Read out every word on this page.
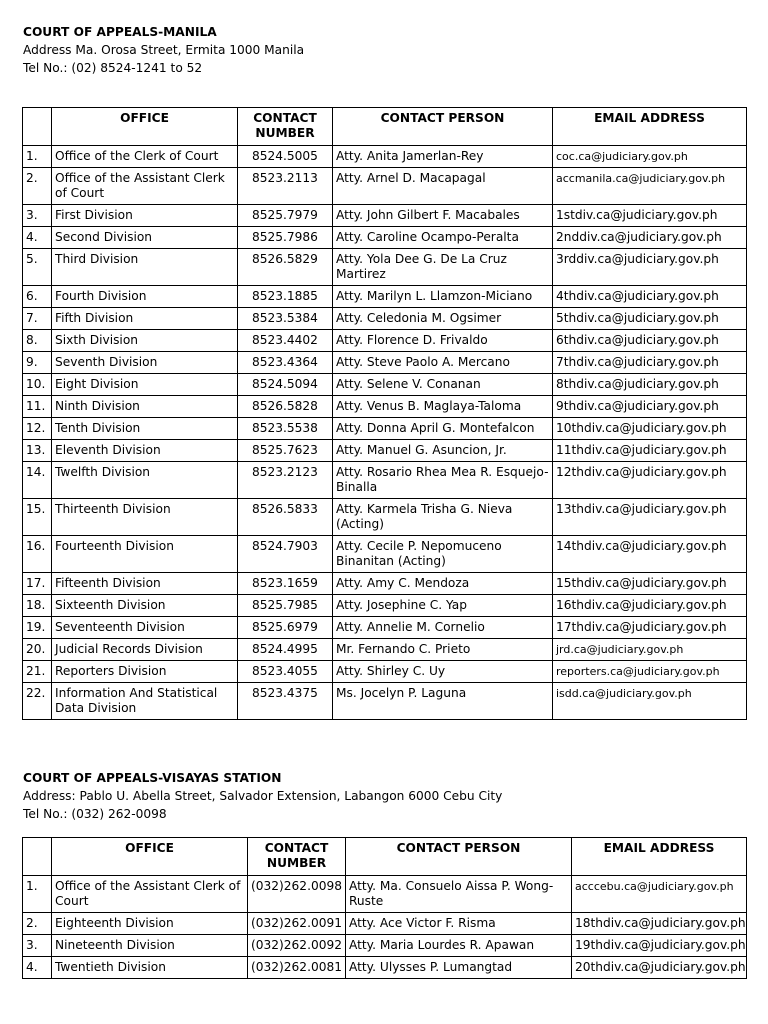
COURT OF APPEALS-MANILA
Address Ma. Orosa Street, Ermita 1000 Manila
Tel No.: (02) 8524-1241 to 52
	OFFICE	CONTACT NUMBER	CONTACT PERSON	EMAIL ADDRESS
1.	Office of the Clerk of Court	8524.5005	Atty. Anita Jamerlan-Rey	coc.ca@judiciary.gov.ph
2.	Office of the Assistant Clerk of Court	8523.2113	Atty. Arnel D. Macapagal	accmanila.ca@judiciary.gov.ph
3.	First Division	8525.7979	Atty. John Gilbert F. Macabales	1stdiv.ca@judiciary.gov.ph
4.	Second Division	8525.7986	Atty. Caroline Ocampo-Peralta	2nddiv.ca@judiciary.gov.ph
5.	Third Division	8526.5829	Atty. Yola Dee G. De La Cruz Martirez	3rddiv.ca@judiciary.gov.ph
6.	Fourth Division	8523.1885	Atty. Marilyn L. Llamzon-Miciano	4thdiv.ca@judiciary.gov.ph
7.	Fifth Division	8523.5384	Atty. Celedonia M. Ogsimer	5thdiv.ca@judiciary.gov.ph
8.	Sixth Division	8523.4402	Atty. Florence D. Frivaldo	6thdiv.ca@judiciary.gov.ph
9.	Seventh Division	8523.4364	Atty. Steve Paolo A. Mercano	7thdiv.ca@judiciary.gov.ph
10.	Eight Division	8524.5094	Atty. Selene V. Conanan	8thdiv.ca@judiciary.gov.ph
11.	Ninth Division	8526.5828	Atty. Venus B. Maglaya-Taloma	9thdiv.ca@judiciary.gov.ph
12.	Tenth Division	8523.5538	Atty. Donna April G. Montefalcon	10thdiv.ca@judiciary.gov.ph
13.	Eleventh Division	8525.7623	Atty. Manuel G. Asuncion, Jr.	11thdiv.ca@judiciary.gov.ph
14.	Twelfth Division	8523.2123	Atty. Rosario Rhea Mea R. Esquejo-Binalla	12thdiv.ca@judiciary.gov.ph
15.	Thirteenth Division	8526.5833	Atty. Karmela Trisha G. Nieva (Acting)	13thdiv.ca@judiciary.gov.ph
16.	Fourteenth Division	8524.7903	Atty. Cecile P. Nepomuceno Binanitan (Acting)	14thdiv.ca@judiciary.gov.ph
17.	Fifteenth Division	8523.1659	Atty. Amy C. Mendoza	15thdiv.ca@judiciary.gov.ph
18.	Sixteenth Division	8525.7985	Atty. Josephine C. Yap	16thdiv.ca@judiciary.gov.ph
19.	Seventeenth Division	8525.6979	Atty. Annelie M. Cornelio	17thdiv.ca@judiciary.gov.ph
20.	Judicial Records Division	8524.4995	Mr. Fernando C. Prieto	jrd.ca@judiciary.gov.ph
21.	Reporters Division	8523.4055	Atty. Shirley C. Uy	reporters.ca@judiciary.gov.ph
22.	Information And Statistical Data Division	8523.4375	Ms. Jocelyn P. Laguna	isdd.ca@judiciary.gov.ph
COURT OF APPEALS-VISAYAS STATION
Address: Pablo U. Abella Street, Salvador Extension, Labangon 6000 Cebu City
Tel No.: (032) 262-0098
	OFFICE	CONTACT NUMBER	CONTACT PERSON	EMAIL ADDRESS
1.	Office of the Assistant Clerk of Court	(032)262.0098	Atty. Ma. Consuelo Aissa P. Wong-Ruste	acccebu.ca@judiciary.gov.ph
2.	Eighteenth Division	(032)262.0091	Atty. Ace Victor F. Risma	18thdiv.ca@judiciary.gov.ph
3.	Nineteenth Division	(032)262.0092	Atty. Maria Lourdes R. Apawan	19thdiv.ca@judiciary.gov.ph
4.	Twentieth Division	(032)262.0081	Atty. Ulysses P. Lumangtad	20thdiv.ca@judiciary.gov.ph
